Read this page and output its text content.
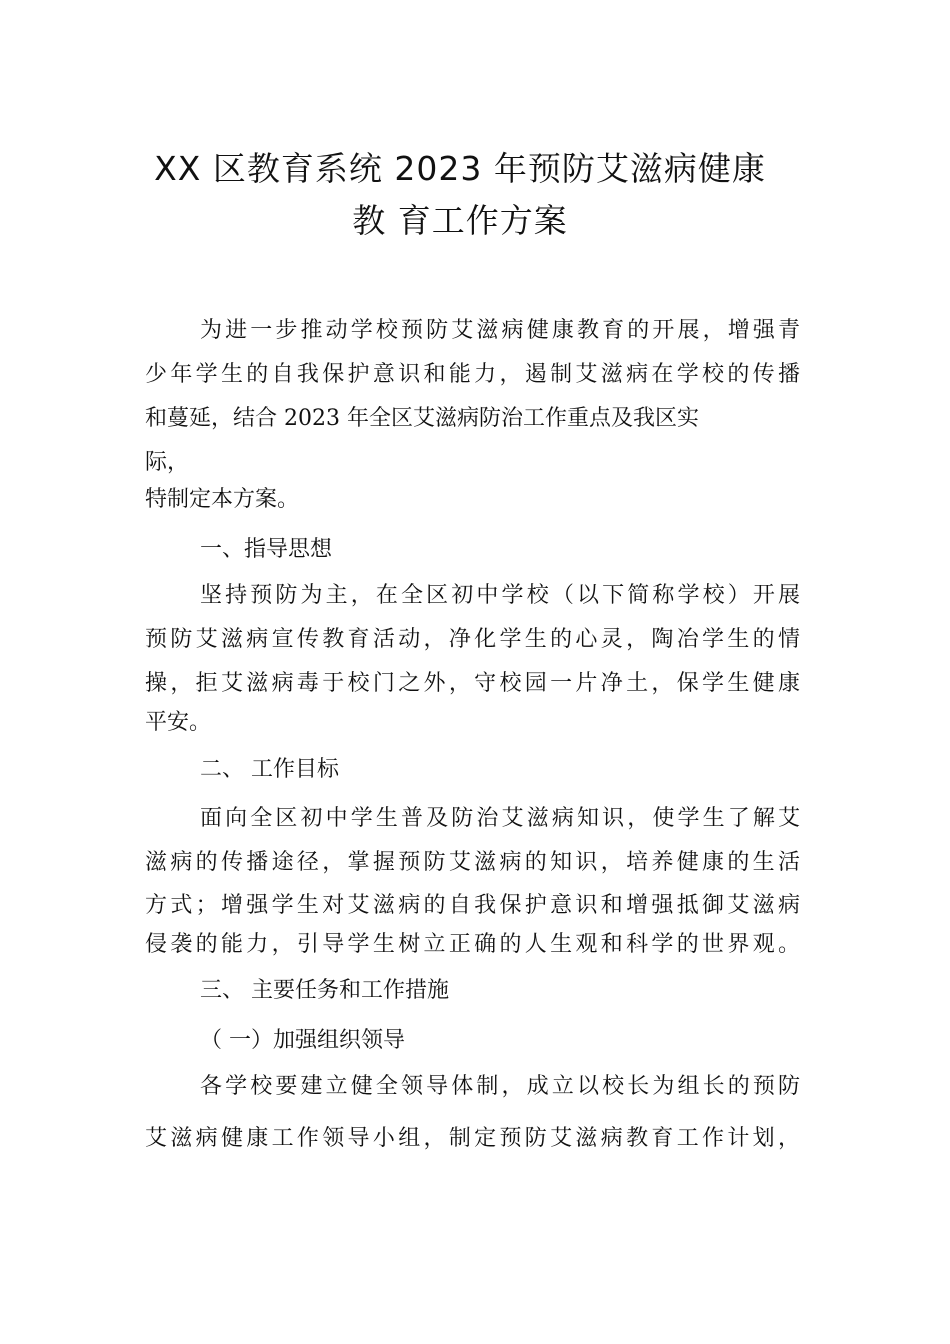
XX 区教育系统 2023 年预防艾滋病健康
教 育工作方案
为进一步推动学校预防艾滋病健康教育的开展，增强青
少年学生的自我保护意识和能力，遏制艾滋病在学校的传播
和蔓延，结合 2023 年全区艾滋病防治工作重点及我区实
际，
特制定本方案。
一、指导思想
坚持预防为主，在全区初中学校（以下简称学校）开展
预防艾滋病宣传教育活动，净化学生的心灵，陶冶学生的情
操，拒艾滋病毒于校门之外，守校园一片净土，保学生健康
平安。
二、 工作目标
面向全区初中学生普及防治艾滋病知识，使学生了解艾
滋病的传播途径，掌握预防艾滋病的知识，培养健康的生活
方式；增强学生对艾滋病的自我保护意识和增强抵御艾滋病
侵袭的能力，引导学生树立正确的人生观和科学的世界观。
三、 主要任务和工作措施
（ 一）加强组织领导
各学校要建立健全领导体制，成立以校长为组长的预防
艾滋病健康工作领导小组，制定预防艾滋病教育工作计划，
